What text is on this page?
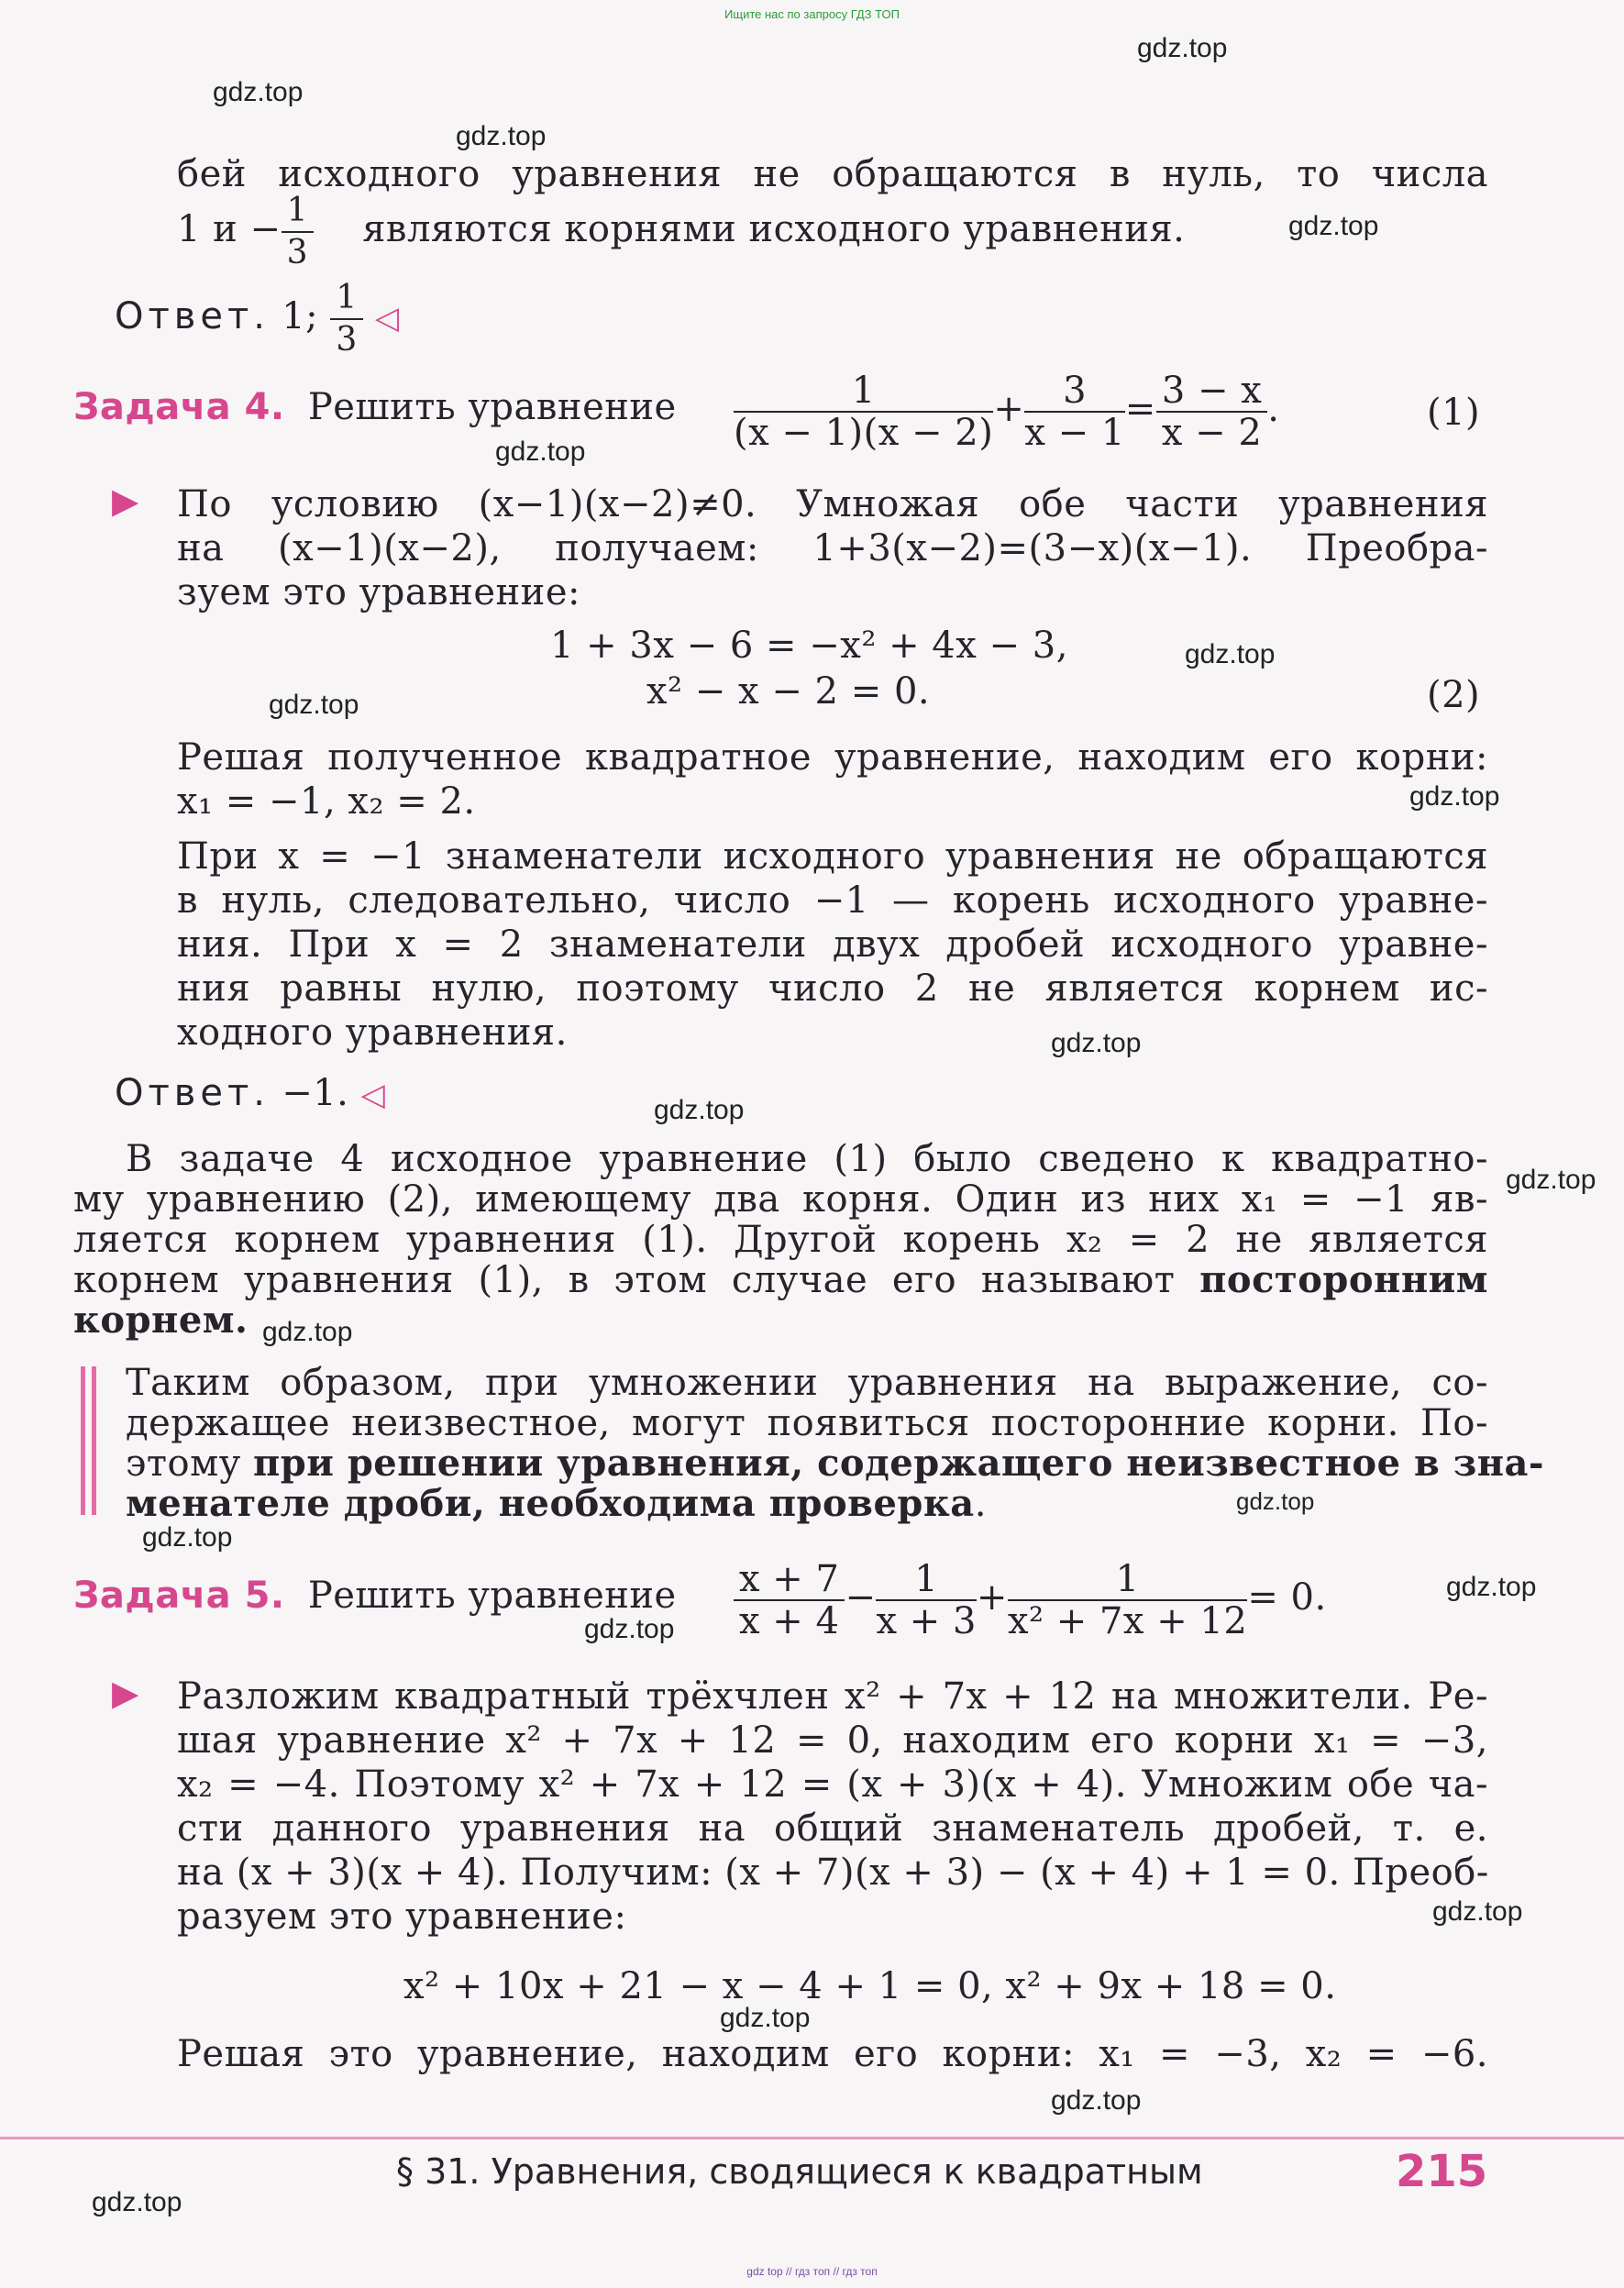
Ищите нас по запросу ГДЗ ТОП
gdz top // гдз топ // гдз топ
gdz.top
gdz.top
gdz.top
gdz.top
gdz.top
gdz.top
gdz.top
gdz.top
gdz.top
gdz.top
gdz.top
gdz.top
gdz.top
gdz.top
gdz.top
gdz.top
gdz.top
gdz.top
gdz.top
gdz.top
бей исходного уравнения не обращаются в нуль, то числа
1 $и - \frac{1}{3}$ являются корнями исходного уравнения.
Ответ. 1; $\frac{1}{3}$ ◁
Задача 4. Решить уравнение $\frac{1}{(x - 1)(x - 2)} + \frac{3}{x - 1} = \frac{3 - x}{x - 2}$ .	(1)
▶ По условию (x−1)(x−2)≠0. Умножая обе части уравнения
на (x−1)(x−2), получаем: 1+3(x−2)=(3−x)(x−1). Преобра-
зуем это уравнение:
1 + 3x − 6 = −x² + 4x − 3,
x² − x − 2 = 0.	(2)
Решая полученное квадратное уравнение, находим его корни:
x₁ = −1, x₂ = 2.
При x = −1 знаменатели исходного уравнения не обращаются
в нуль, следовательно, число −1 — корень исходного уравне-
ния. При x = 2 знаменатели двух дробей исходного уравне-
ния равны нулю, поэтому число 2 не является корнем ис-
ходного уравнения.
Ответ. −1. ◁
В задаче 4 исходное уравнение (1) было сведено к квадратно-
му уравнению (2), имеющему два корня. Один из них x₁ = −1 яв-
ляется корнем уравнения (1). Другой корень x₂ = 2 не является
корнем уравнения (1), в этом случае его называют посторонним
корнем.
Таким образом, при умножении уравнения на выражение, со-
держащее неизвестное, могут появиться посторонние корни. По-
этому при решении уравнения, содержащего неизвестное в зна-
менателе дроби, необходима проверка.
Задача 5. Решить уравнение $\frac{x + 7}{x + 4} - \frac{1}{x + 3} + \frac{1}{\text{x² + 7x + 12}} = 0$.
▶ Разложим квадратный трёхчлен x² + 7x + 12 на множители. Ре-
шая уравнение x² + 7x + 12 = 0, находим его корни x₁ = −3,
x₂ = −4. Поэтому x² + 7x + 12 = (x + 3)(x + 4). Умножим обе ча-
сти данного уравнения на общий знаменатель дробей, т. е.
на (x + 3)(x + 4). Получим: (x + 7)(x + 3) − (x + 4) + 1 = 0. Преоб-
разуем это уравнение:
x² + 10x + 21 − x − 4 + 1 = 0, x² + 9x + 18 = 0.
Решая это уравнение, находим его корни: x₁ = −3, x₂ = −6.
§ 31. Уравнения, сводящиеся к квадратным	215
